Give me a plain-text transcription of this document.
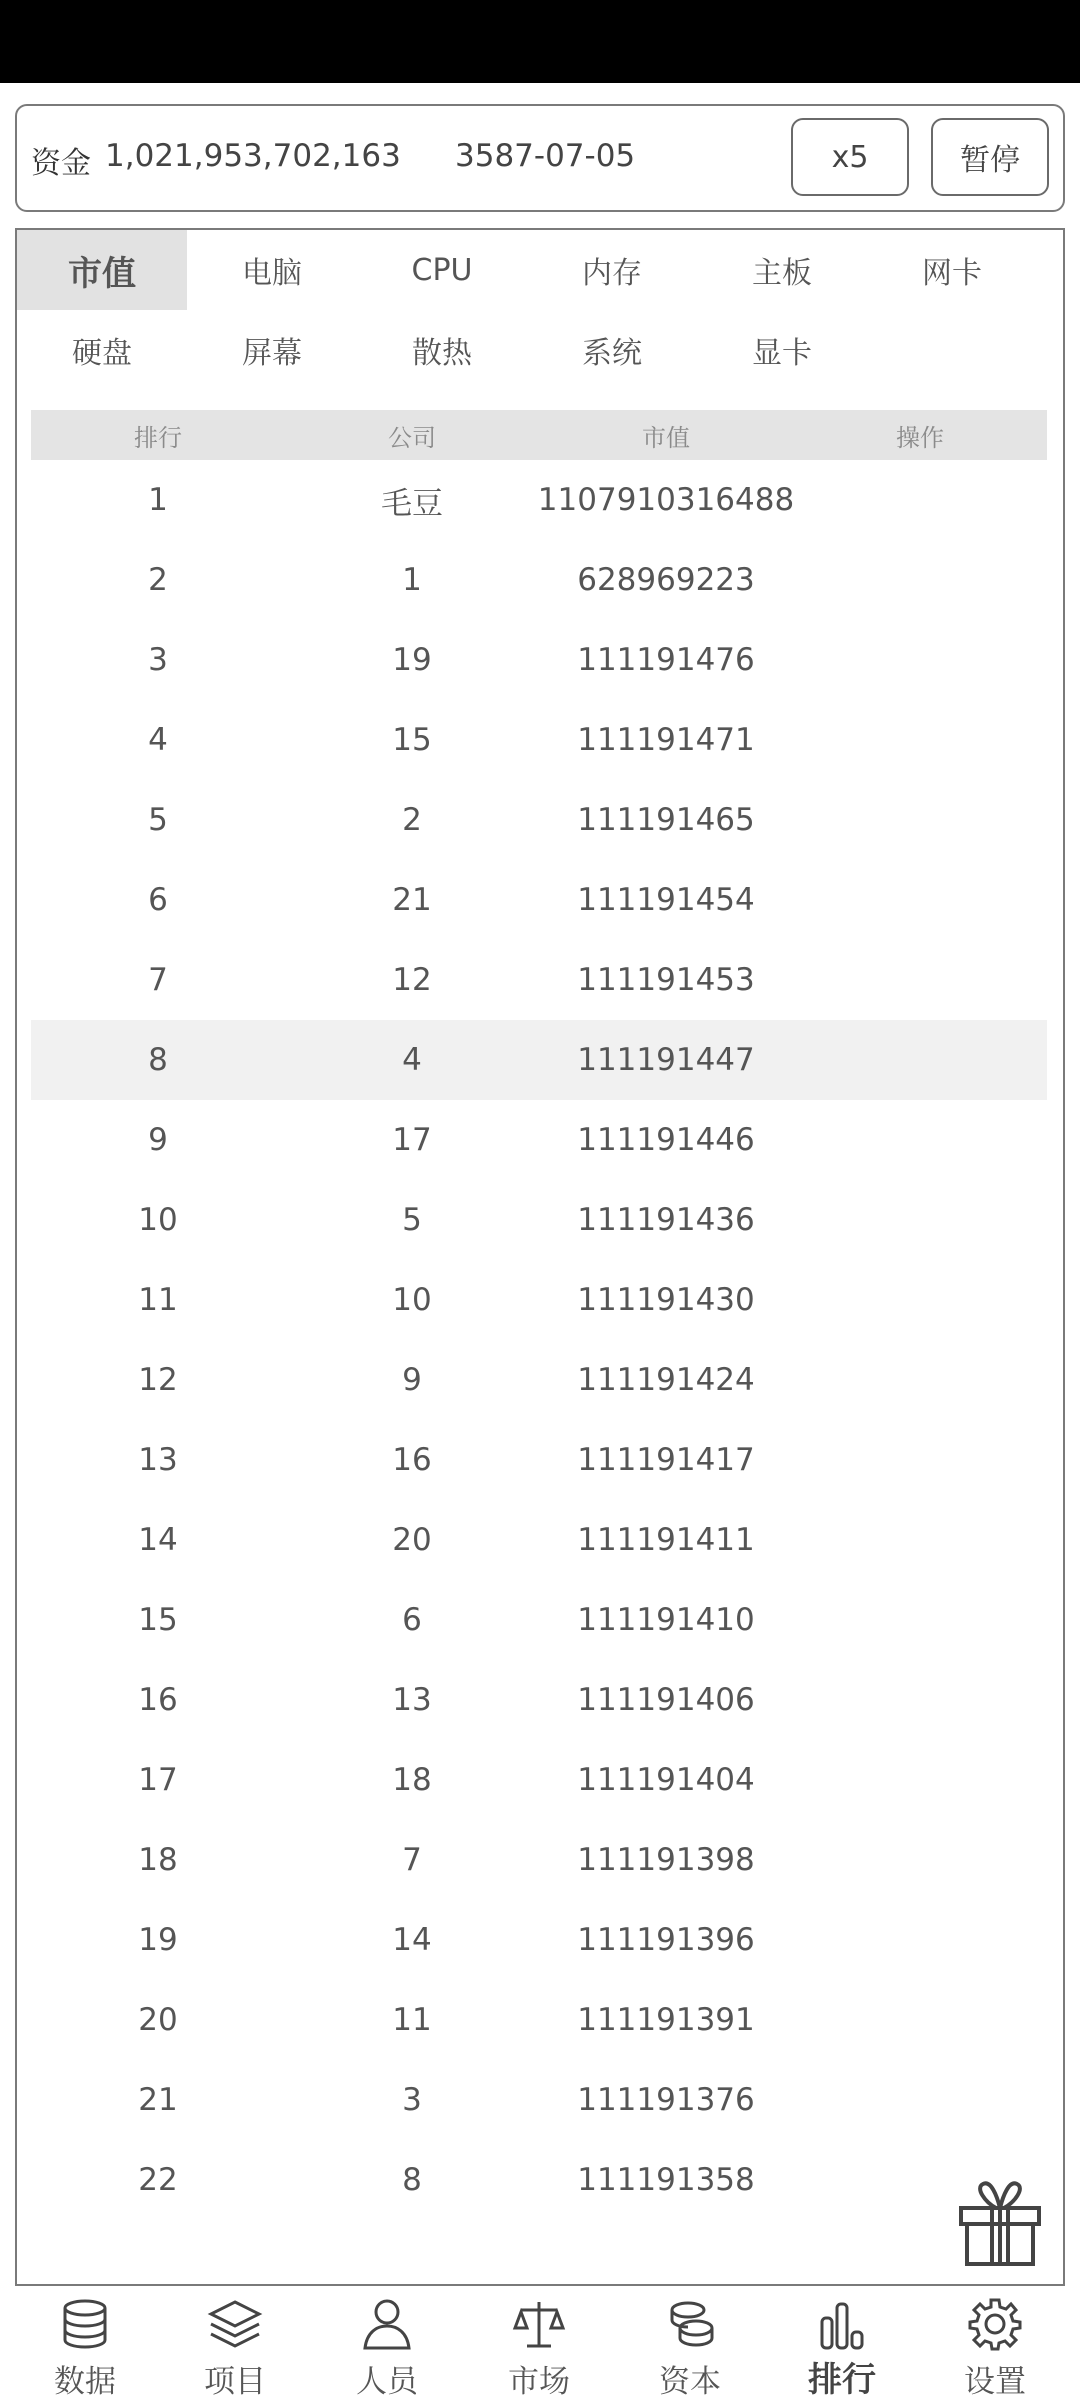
资金 1,021,953,702,163 3587-07-05	x5	暂停
市值	电脑	CPU	内存	主板	网卡
硬盘	屏幕	散热	系统	显卡
排行	公司	市值	操作
1	毛豆	1107910316488
2	1	628969223
3	19	111191476
4	15	111191471
5	2	111191465
6	21	111191454
7	12	111191453
8	4	111191447
9	17	111191446
10	5	111191436
11	10	111191430
12	9	111191424
13	16	111191417
14	20	111191411
15	6	111191410
16	13	111191406
17	18	111191404
18	7	111191398
19	14	111191396
20	11	111191391
21	3	111191376
22	8	111191358
数据	项目	人员	市场	资本	排行	设置
